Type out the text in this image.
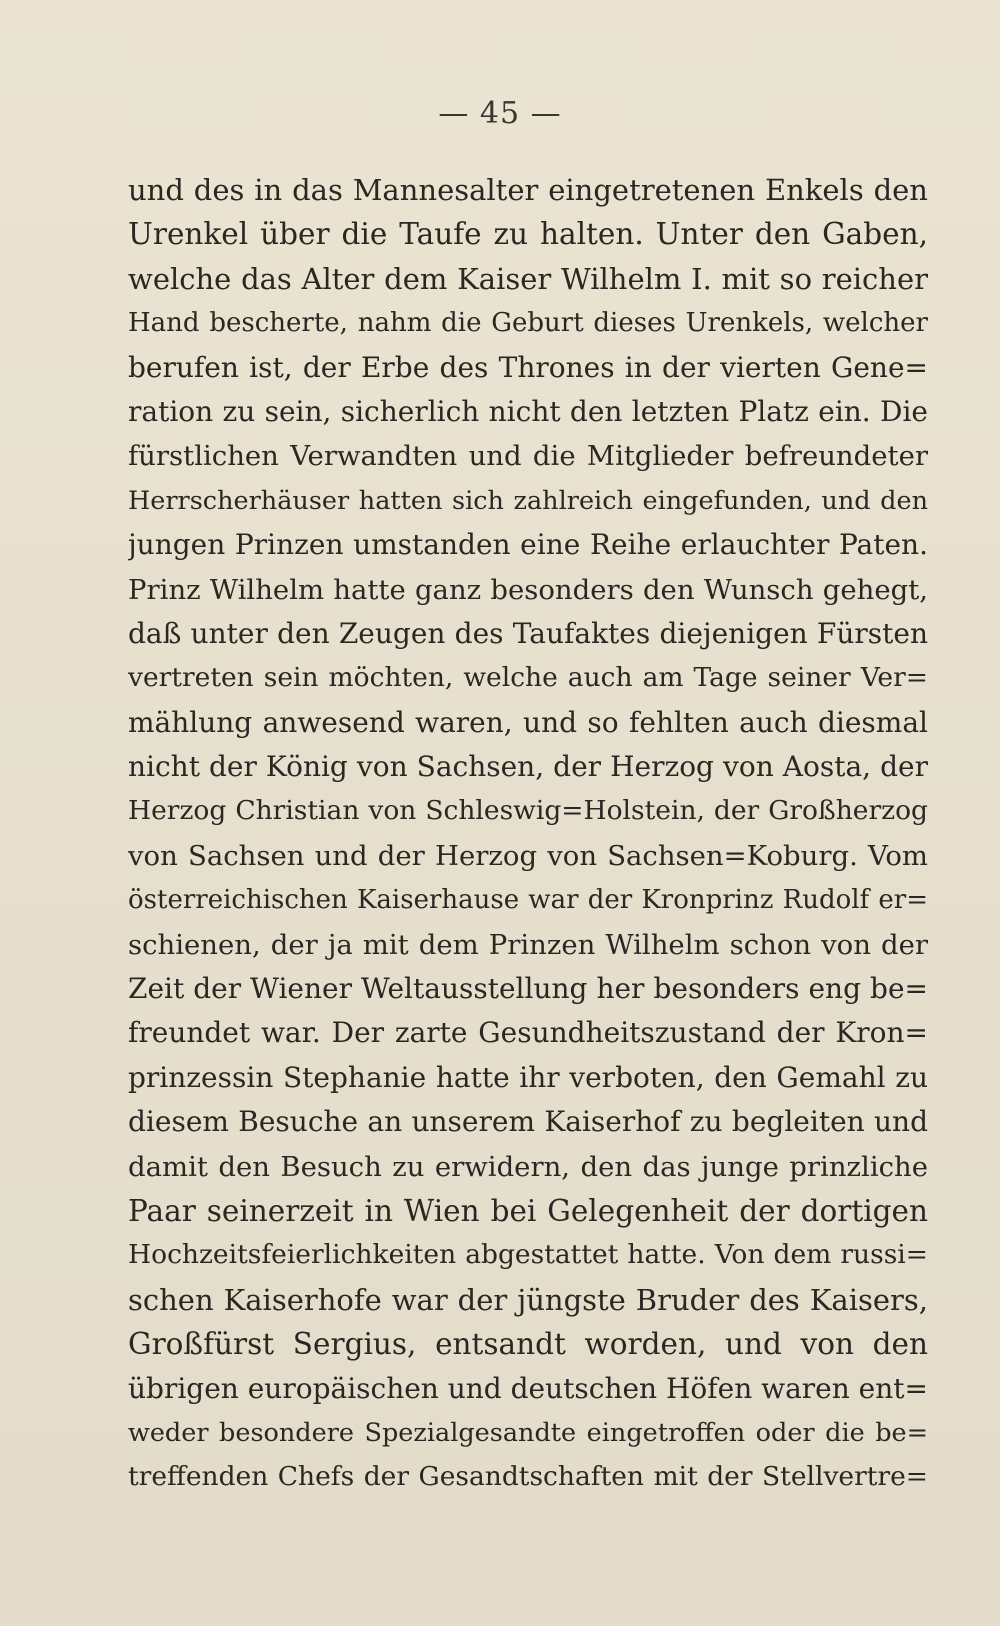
— 45 —
und des in das Mannesalter eingetretenen Enkels den
Urenkel über die Taufe zu halten. Unter den Gaben,
welche das Alter dem Kaiser Wilhelm I. mit so reicher
Hand bescherte, nahm die Geburt dieses Urenkels, welcher
berufen ist, der Erbe des Thrones in der vierten Gene=
ration zu sein, sicherlich nicht den letzten Platz ein. Die
fürstlichen Verwandten und die Mitglieder befreundeter
Herrscherhäuser hatten sich zahlreich eingefunden, und den
jungen Prinzen umstanden eine Reihe erlauchter Paten.
Prinz Wilhelm hatte ganz besonders den Wunsch gehegt,
daß unter den Zeugen des Taufaktes diejenigen Fürsten
vertreten sein möchten, welche auch am Tage seiner Ver=
mählung anwesend waren, und so fehlten auch diesmal
nicht der König von Sachsen, der Herzog von Aosta, der
Herzog Christian von Schleswig=Holstein, der Großherzog
von Sachsen und der Herzog von Sachsen=Koburg. Vom
österreichischen Kaiserhause war der Kronprinz Rudolf er=
schienen, der ja mit dem Prinzen Wilhelm schon von der
Zeit der Wiener Weltausstellung her besonders eng be=
freundet war. Der zarte Gesundheitszustand der Kron=
prinzessin Stephanie hatte ihr verboten, den Gemahl zu
diesem Besuche an unserem Kaiserhof zu begleiten und
damit den Besuch zu erwidern, den das junge prinzliche
Paar seinerzeit in Wien bei Gelegenheit der dortigen
Hochzeitsfeierlichkeiten abgestattet hatte. Von dem russi=
schen Kaiserhofe war der jüngste Bruder des Kaisers,
Großfürst Sergius, entsandt worden, und von den
übrigen europäischen und deutschen Höfen waren ent=
weder besondere Spezialgesandte eingetroffen oder die be=
treffenden Chefs der Gesandtschaften mit der Stellvertre=
